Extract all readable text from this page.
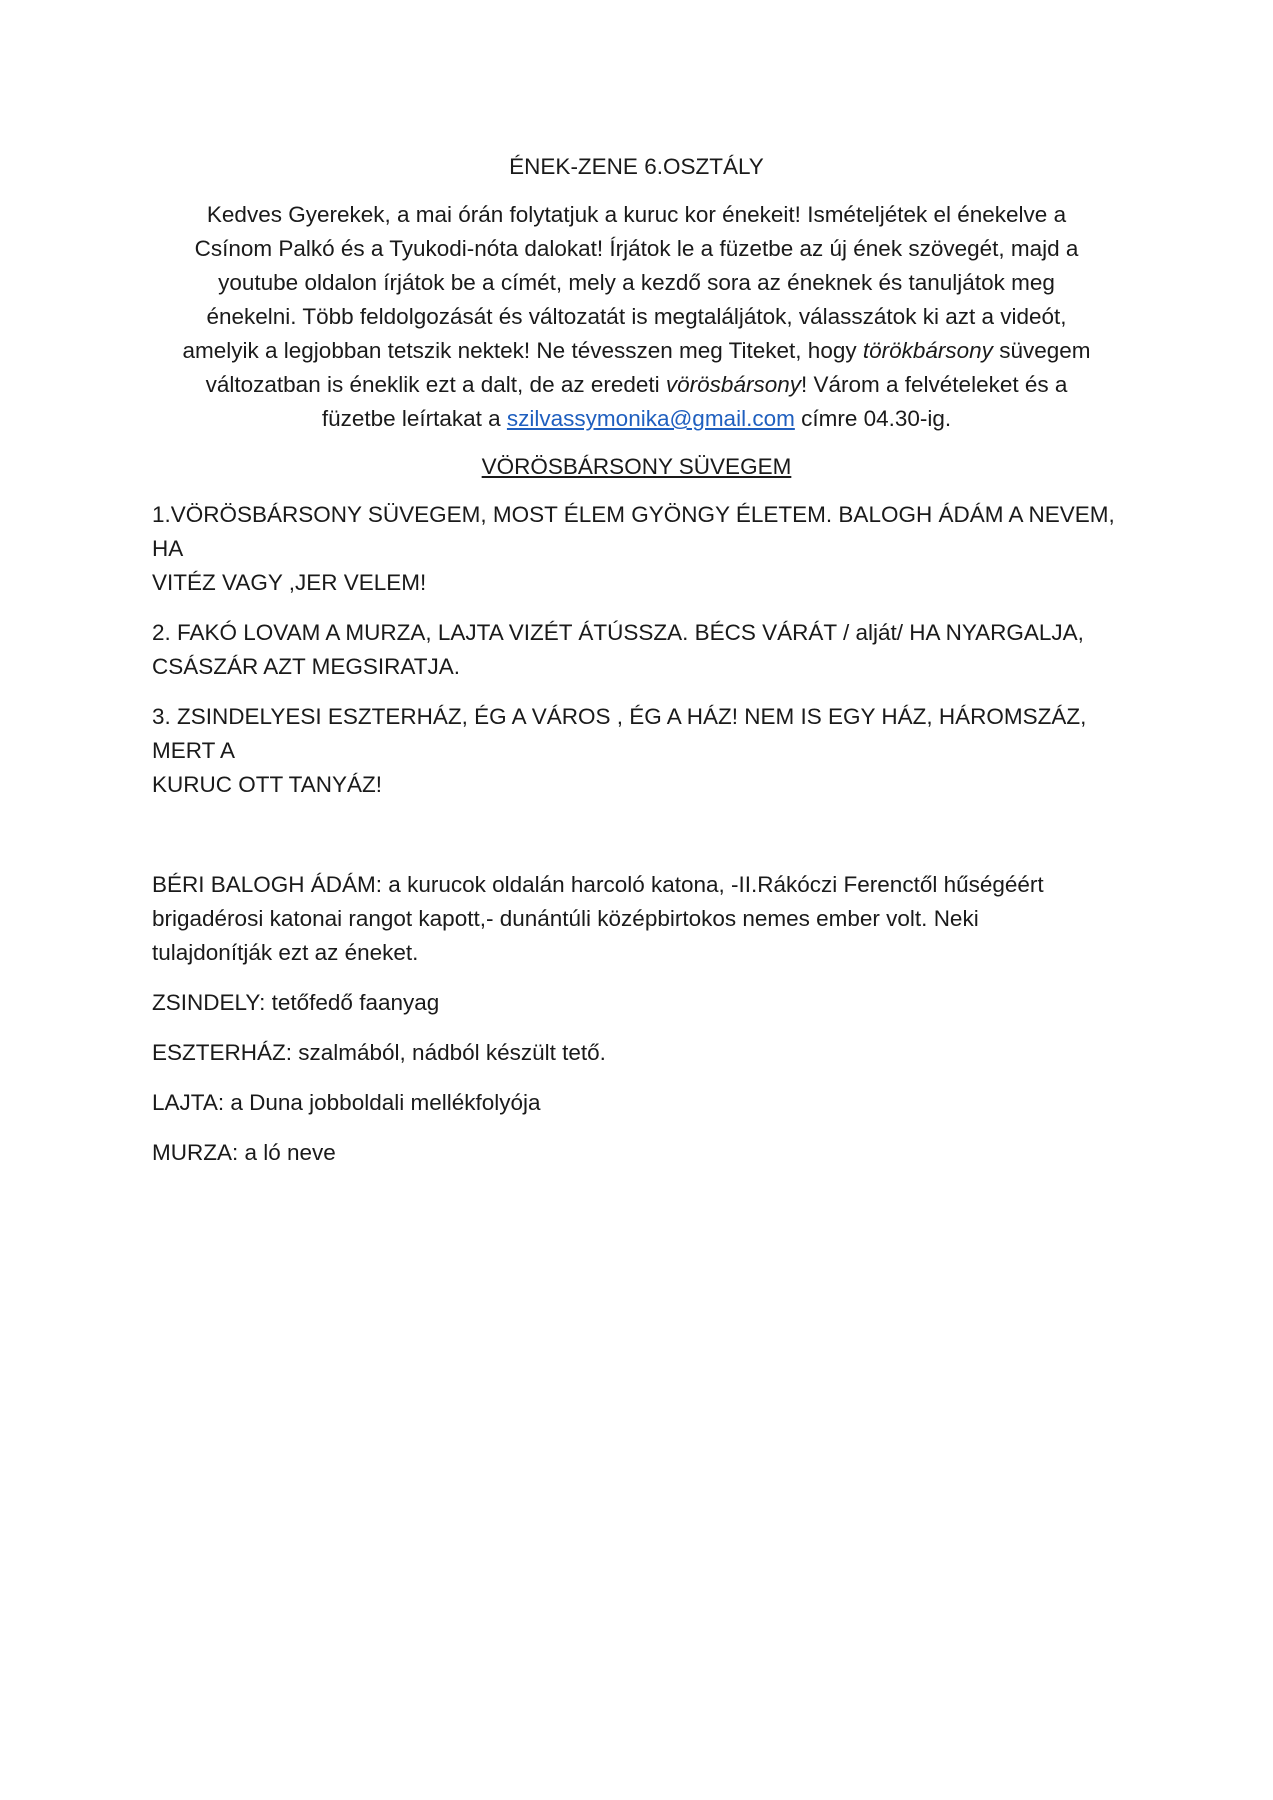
ÉNEK-ZENE 6.OSZTÁLY

Kedves Gyerekek, a mai órán folytatjuk a kuruc kor énekeit! Ismételjétek el énekelve a
Csínom Palkó és a Tyukodi-nóta dalokat! Írjátok le a füzetbe az új ének szövegét, majd a
youtube oldalon írjátok be a címét, mely a kezdő sora az éneknek és tanuljátok meg
énekelni. Több feldolgozását és változatát is megtaláljátok, válasszátok ki azt a videót,
amelyik a legjobban tetszik nektek! Ne tévesszen meg Titeket, hogy törökbársony süvegem
változatban is éneklik ezt a dalt, de az eredeti vörösbársony! Várom a felvételeket és a
füzetbe leírtakat a szilvassymonika@gmail.com címre 04.30-ig.

VÖRÖSBÁRSONY SÜVEGEM

1.VÖRÖSBÁRSONY SÜVEGEM, MOST ÉLEM GYÖNGY ÉLETEM. BALOGH ÁDÁM A NEVEM, HA
VITÉZ VAGY ,JER VELEM!

2. FAKÓ LOVAM A MURZA, LAJTA VIZÉT ÁTÚSSZA. BÉCS VÁRÁT / alját/ HA NYARGALJA,
CSÁSZÁR AZT MEGSIRATJA.

3. ZSINDELYESI ESZTERHÁZ, ÉG A VÁROS , ÉG A HÁZ! NEM IS EGY HÁZ, HÁROMSZÁZ, MERT A
KURUC OTT TANYÁZ!

BÉRI BALOGH ÁDÁM: a kurucok oldalán harcoló katona, -II.Rákóczi Ferenctől hűségéért
brigadérosi katonai rangot kapott,- dunántúli középbirtokos nemes ember volt. Neki
tulajdonítják ezt az éneket.

ZSINDELY: tetőfedő faanyag

ESZTERHÁZ: szalmából, nádból készült tető.

LAJTA: a Duna jobboldali mellékfolyója

MURZA: a ló neve
